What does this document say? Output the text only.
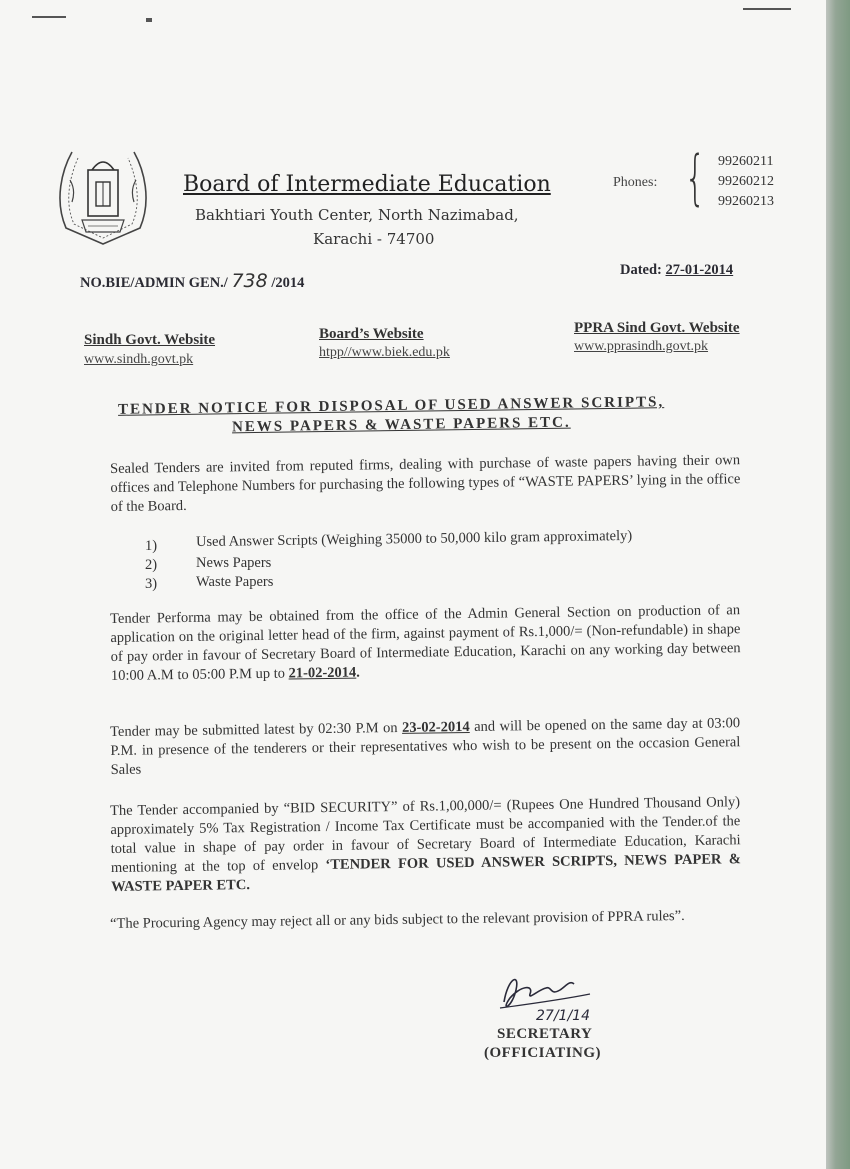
Board of Intermediate Education
Bakhtiari Youth Center, North Nazimabad,
Karachi - 74700
Phones: { 99260211
99260212
99260213
NO.BIE/ADMIN GEN./ 738 /2014
Dated: 27-01-2014
Sindh Govt. Website
www.sindh.govt.pk
Board’s Website
htpp//www.biek.edu.pk
PPRA Sind Govt. Website
www.pprasindh.govt.pk
TENDER NOTICE FOR DISPOSAL OF USED ANSWER SCRIPTS,
NEWS PAPERS & WASTE PAPERS ETC.
Sealed Tenders are invited from reputed firms, dealing with purchase of waste papers having their own offices and Telephone Numbers for purchasing the following types of “WASTE PAPERS’ lying in the office of the Board.
1)	Used Answer Scripts (Weighing 35000 to 50,000 kilo gram approximately)
2)	News Papers
3)	Waste Papers
Tender Performa may be obtained from the office of the Admin General Section on production of an application on the original letter head of the firm, against payment of Rs.1,000/= (Non-refundable) in shape of pay order in favour of Secretary Board of Intermediate Education, Karachi on any working day between 10:00 A.M to 05:00 P.M up to 21-02-2014.
Tender may be submitted latest by 02:30 P.M on 23-02-2014 and will be opened on the same day at 03:00 P.M. in presence of the tenderers or their representatives who wish to be present on the occasion General Sales
The Tender accompanied by “BID SECURITY” of Rs.1,00,000/= (Rupees One Hundred Thousand Only) approximately 5% Tax Registration / Income Tax Certificate must be accompanied with the Tender.of the total value in shape of pay order in favour of Secretary Board of Intermediate Education, Karachi mentioning at the top of envelop ‘TENDER FOR USED ANSWER SCRIPTS, NEWS PAPER & WASTE PAPER ETC.
“The Procuring Agency may reject all or any bids subject to the relevant provision of PPRA rules”.
27/1/14
SECRETARY
(OFFICIATING)
